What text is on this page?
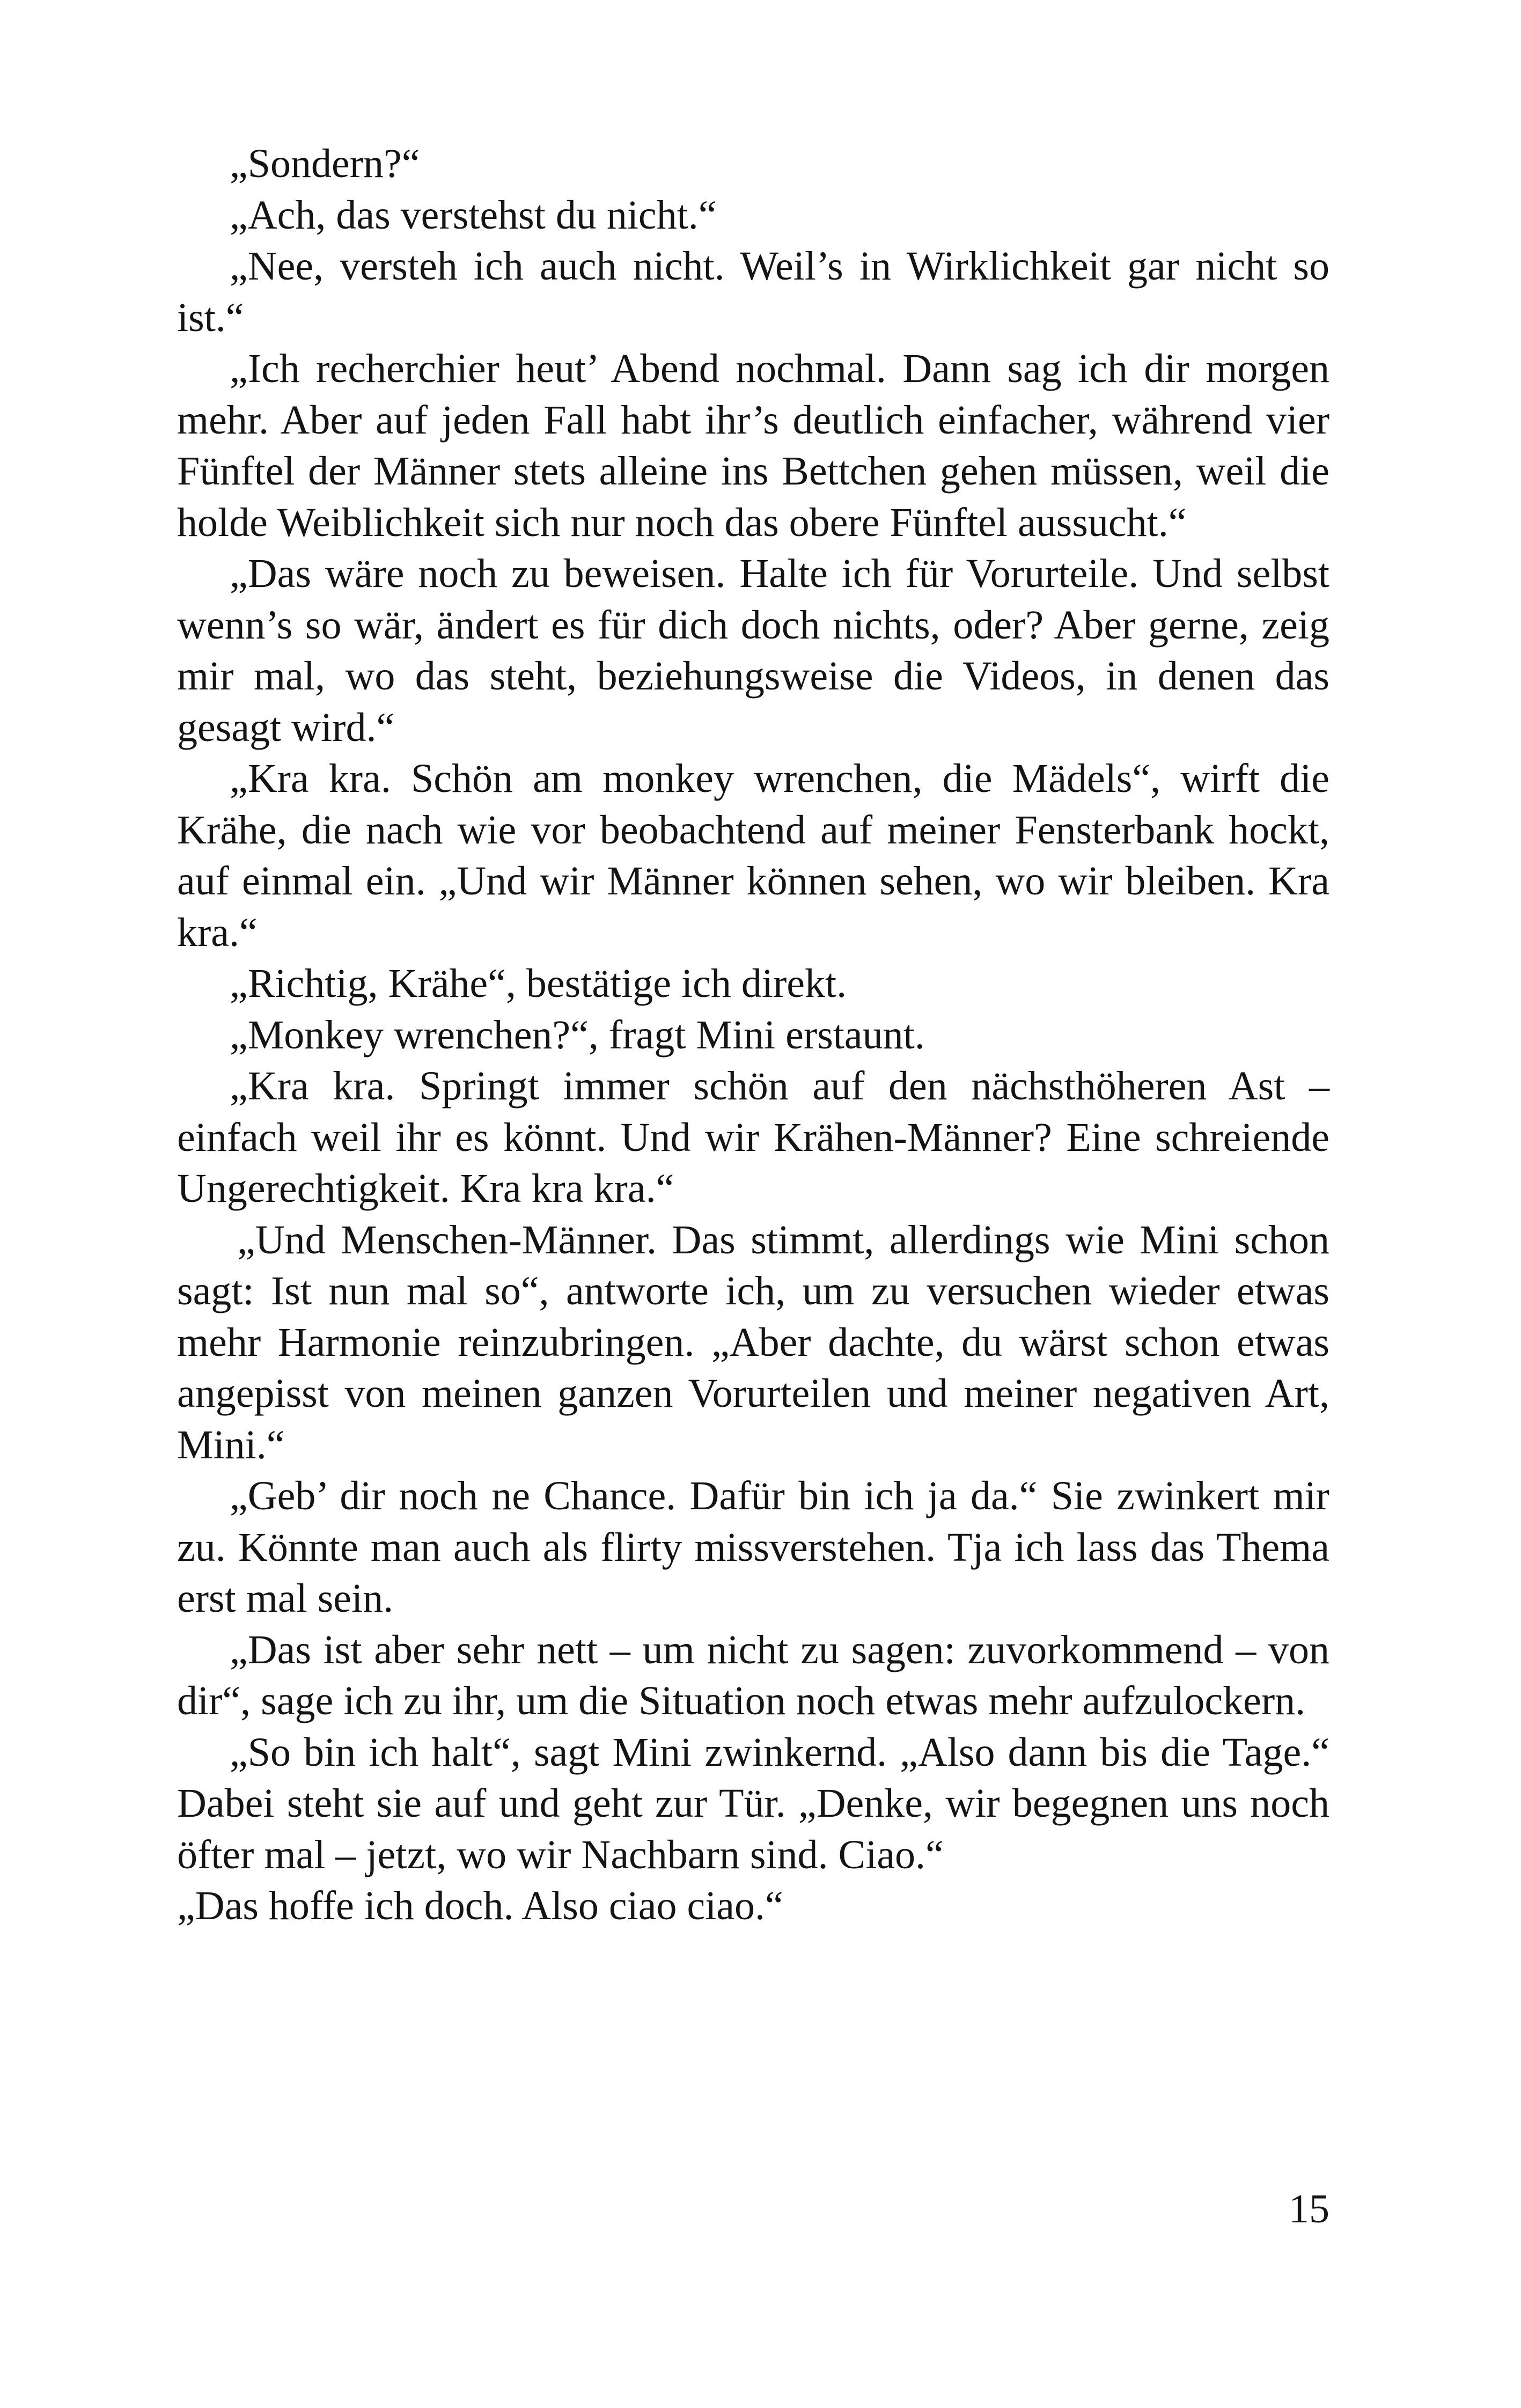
„Sondern?“

„Ach, das verstehst du nicht.“

„Nee, versteh ich auch nicht. Weil’s in Wirklichkeit gar nicht so ist.“

„Ich recherchier heut’ Abend nochmal. Dann sag ich dir morgen mehr. Aber auf jeden Fall habt ihr’s deutlich einfacher, während vier Fünftel der Männer stets alleine ins Bettchen gehen müssen, weil die holde Weiblichkeit sich nur noch das obere Fünftel aussucht.“

„Das wäre noch zu beweisen. Halte ich für Vorurteile. Und selbst wenn’s so wär, ändert es für dich doch nichts, oder? Aber gerne, zeig mir mal, wo das steht, beziehungsweise die Videos, in denen das gesagt wird.“

„Kra kra. Schön am monkey wrenchen, die Mädels“, wirft die Krähe, die nach wie vor beobachtend auf meiner Fensterbank hockt, auf einmal ein. „Und wir Männer können sehen, wo wir bleiben. Kra kra.“

„Richtig, Krähe“, bestätige ich direkt.

„Monkey wrenchen?“, fragt Mini erstaunt.

„Kra kra. Springt immer schön auf den nächsthöheren Ast – einfach weil ihr es könnt. Und wir Krähen-Männer? Eine schreiende Ungerechtigkeit. Kra kra kra.“

„Und Menschen-Männer. Das stimmt, allerdings wie Mini schon sagt: Ist nun mal so“, antworte ich, um zu versuchen wieder etwas mehr Harmonie reinzubringen. „Aber dachte, du wärst schon etwas angepisst von meinen ganzen Vorurteilen und meiner negativen Art, Mini.“

„Geb’ dir noch ne Chance. Dafür bin ich ja da.“ Sie zwinkert mir zu. Könnte man auch als flirty missverstehen. Tja ich lass das Thema erst mal sein.

„Das ist aber sehr nett – um nicht zu sagen: zuvorkommend – von dir“, sage ich zu ihr, um die Situation noch etwas mehr aufzulockern.

„So bin ich halt“, sagt Mini zwinkernd. „Also dann bis die Tage.“ Dabei steht sie auf und geht zur Tür. „Denke, wir begegnen uns noch öfter mal – jetzt, wo wir Nachbarn sind. Ciao.“

„Das hoffe ich doch. Also ciao ciao.“

15
